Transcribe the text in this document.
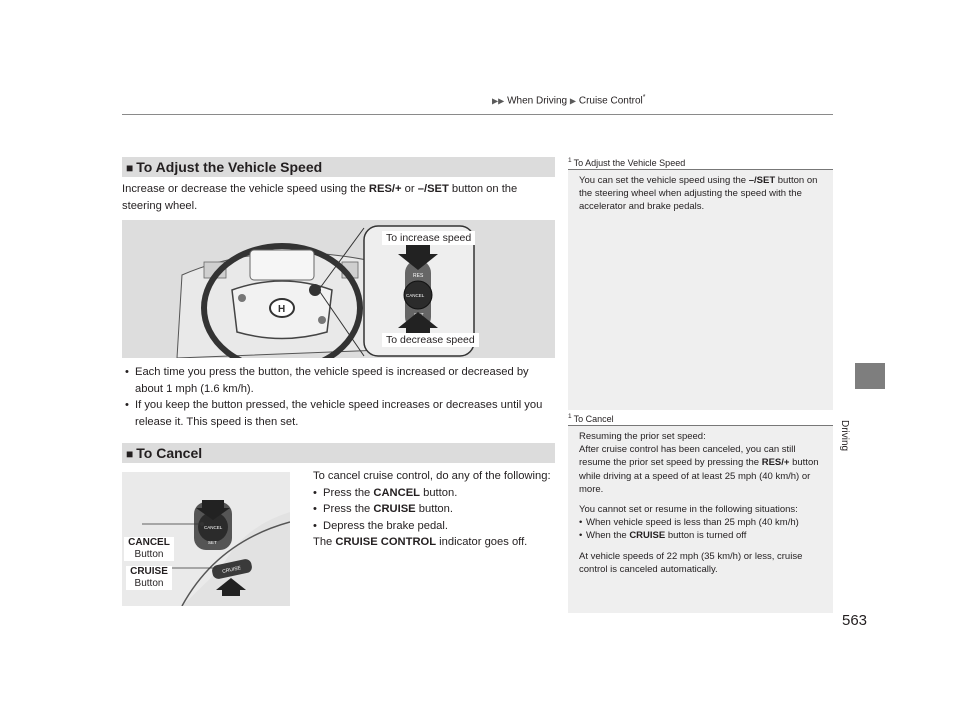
▶▶ When Driving ▶ Cruise Control*
Driving
■ To Adjust the Vehicle Speed
Increase or decrease the vehicle speed using the RES/+ or –/SET button on the steering wheel.
H
RES
CANCEL
To increase speed
To decrease speed
• Each time you press the button, the vehicle speed is increased or decreased by about 1 mph (1.6 km/h).
• If you keep the button pressed, the vehicle speed increases or decreases until you release it. This speed is then set.
■ To Cancel
CANCEL
SET
CRUISE
CANCEL
Button
CRUISE
Button
To cancel cruise control, do any of the following:
• Press the CANCEL button.
• Press the CRUISE button.
• Depress the brake pedal.
The CRUISE CONTROL indicator goes off.
1 To Adjust the Vehicle Speed
You can set the vehicle speed using the –/SET button on the steering wheel when adjusting the speed with the accelerator and brake pedals.
1 To Cancel
Resuming the prior set speed:
After cruise control has been canceled, you can still resume the prior set speed by pressing the RES/+ button while driving at a speed of at least 25 mph (40 km/h) or more.
You cannot set or resume in the following situations:
• When vehicle speed is less than 25 mph (40 km/h)
• When the CRUISE button is turned off
At vehicle speeds of 22 mph (35 km/h) or less, cruise control is canceled automatically.
563
